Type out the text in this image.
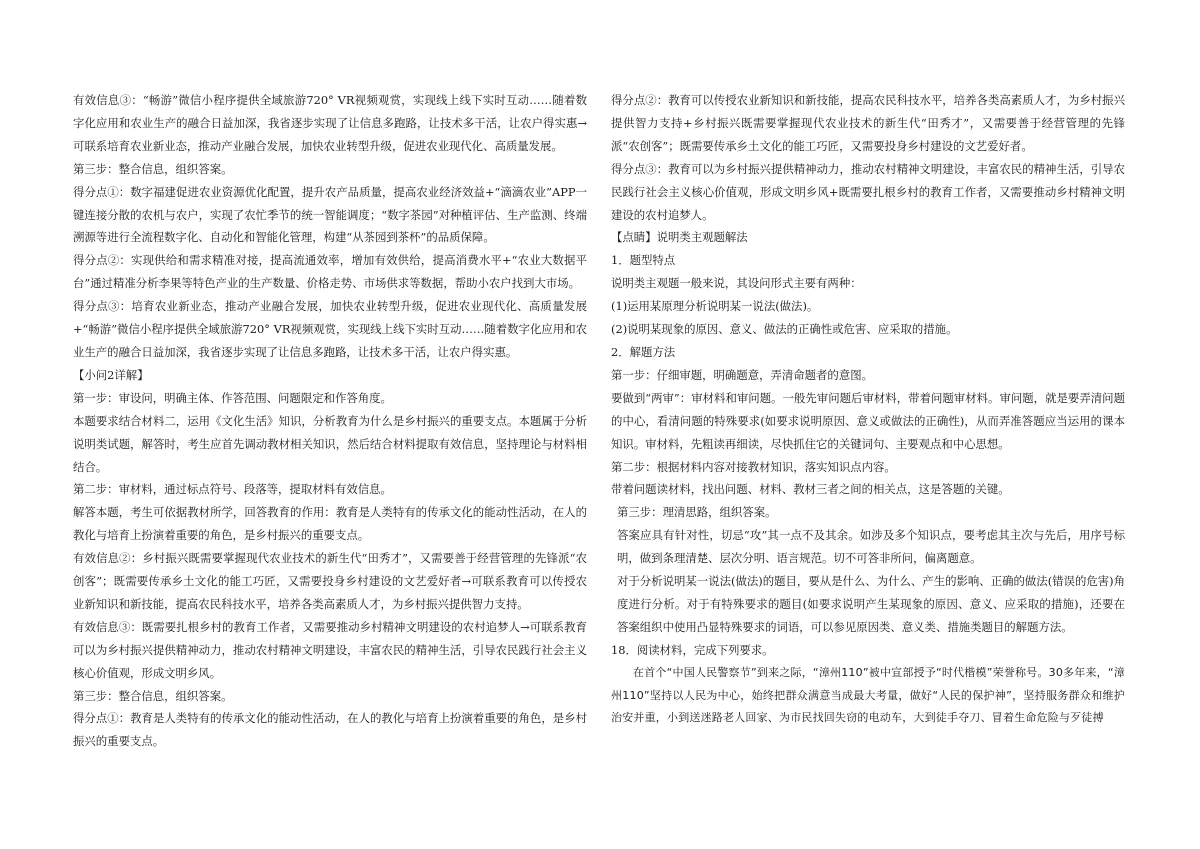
有效信息③：“畅游”微信小程序提供全域旅游720° VR视频观赏，实现线上线下实时互动……随着数字化应用和农业生产的融合日益加深，我省逐步实现了让信息多跑路，让技术多干活，让农户得实惠→可联系培育农业新业态，推动产业融合发展，加快农业转型升级，促进农业现代化、高质量发展。

第三步：整合信息，组织答案。

得分点①：数字福建促进农业资源优化配置，提升农产品质量，提高农业经济效益+“滴滴农业”APP一键连接分散的农机与农户，实现了农忙季节的统一智能调度；“数字茶园”对种植评估、生产监测、终端溯源等进行全流程数字化、自动化和智能化管理，构建“从茶园到茶杯”的品质保障。

得分点②：实现供给和需求精准对接，提高流通效率，增加有效供给，提高消费水平+“农业大数据平台”通过精准分析李果等特色产业的生产数量、价格走势、市场供求等数据，帮助小农户找到大市场。

得分点③：培育农业新业态，推动产业融合发展，加快农业转型升级，促进农业现代化、高质量发展+“畅游”微信小程序提供全域旅游720° VR视频观赏，实现线上线下实时互动……随着数字化应用和农业生产的融合日益加深，我省逐步实现了让信息多跑路，让技术多干活，让农户得实惠。

【小问2详解】

第一步：审设问，明确主体、作答范围、问题限定和作答角度。

本题要求结合材料二，运用《文化生活》知识，分析教育为什么是乡村振兴的重要支点。本题属于分析说明类试题，解答时，考生应首先调动教材相关知识，然后结合材料提取有效信息，坚持理论与材料相结合。

第二步：审材料，通过标点符号、段落等，提取材料有效信息。

解答本题，考生可依据教材所学，回答教育的作用：教育是人类特有的传承文化的能动性活动，在人的教化与培育上扮演着重要的角色，是乡村振兴的重要支点。

有效信息②：乡村振兴既需要掌握现代农业技术的新生代“田秀才”，又需要善于经营管理的先锋派“农创客”；既需要传承乡土文化的能工巧匠，又需要投身乡村建设的文艺爱好者→可联系教育可以传授农业新知识和新技能，提高农民科技水平，培养各类高素质人才，为乡村振兴提供智力支持。

有效信息③：既需要扎根乡村的教育工作者，又需要推动乡村精神文明建设的农村追梦人→可联系教育可以为乡村振兴提供精神动力，推动农村精神文明建设，丰富农民的精神生活，引导农民践行社会主义核心价值观，形成文明乡风。

第三步：整合信息，组织答案。

得分点①：教育是人类特有的传承文化的能动性活动，在人的教化与培育上扮演着重要的角色，是乡村振兴的重要支点。

得分点②：教育可以传授农业新知识和新技能，提高农民科技水平，培养各类高素质人才，为乡村振兴提供智力支持+乡村振兴既需要掌握现代农业技术的新生代“田秀才”，又需要善于经营管理的先锋派“农创客”；既需要传承乡土文化的能工巧匠，又需要投身乡村建设的文艺爱好者。

得分点③：教育可以为乡村振兴提供精神动力，推动农村精神文明建设，丰富农民的精神生活，引导农民践行社会主义核心价值观，形成文明乡风+既需要扎根乡村的教育工作者，又需要推动乡村精神文明建设的农村追梦人。

【点睛】说明类主观题解法

1．题型特点

说明类主观题一般来说，其设问形式主要有两种：

(1)运用某原理分析说明某一说法(做法)。

(2)说明某现象的原因、意义、做法的正确性或危害、应采取的措施。

2．解题方法

第一步：仔细审题，明确题意，弄清命题者的意图。

要做到“两审”：审材料和审问题。一般先审问题后审材料，带着问题审材料。审问题，就是要弄清问题的中心，看清问题的特殊要求(如要求说明原因、意义或做法的正确性)，从而弄准答题应当运用的课本知识。审材料，先粗读再细读，尽快抓住它的关键词句、主要观点和中心思想。

第二步：根据材料内容对接教材知识，落实知识点内容。

带着问题读材料，找出问题、材料、教材三者之间的相关点，这是答题的关键。

第三步：理清思路，组织答案。

答案应具有针对性，切忌“攻”其一点不及其余。如涉及多个知识点，要考虑其主次与先后，用序号标明，做到条理清楚、层次分明、语言规范。切不可答非所问，偏离题意。

对于分析说明某一说法(做法)的题目，要从是什么、为什么、产生的影响、正确的做法(错误的危害)角度进行分析。对于有特殊要求的题目(如要求说明产生某现象的原因、意义、应采取的措施)，还要在答案组织中使用凸显特殊要求的词语，可以参见原因类、意义类、措施类题目的解题方法。

18．阅读材料，完成下列要求。

在首个“中国人民警察节”到来之际，“漳州110”被中宣部授予“时代楷模”荣誉称号。30多年来，“漳州110”坚持以人民为中心，始终把群众满意当成最大考量，做好“人民的保护神”，坚持服务群众和维护治安并重，小到送迷路老人回家、为市民找回失窃的电动车，大到徒手夺刀、冒着生命危险与歹徒搏
